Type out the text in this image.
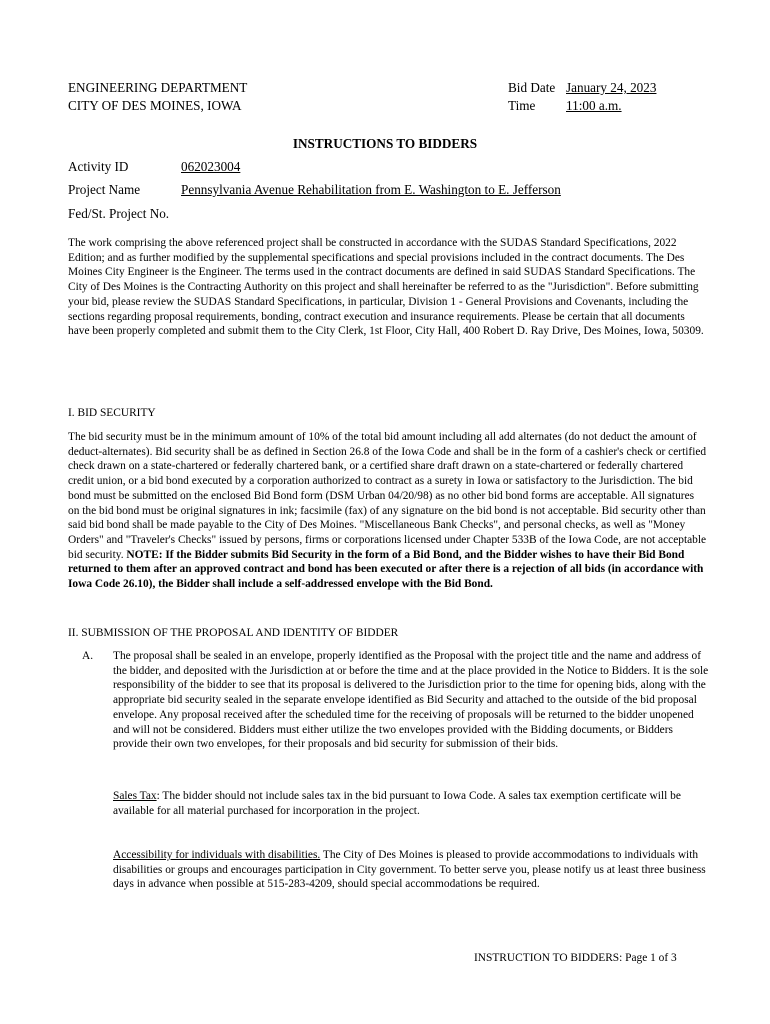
ENGINEERING DEPARTMENT
CITY OF DES MOINES, IOWA
Bid Date January 24, 2023
Time 11:00 a.m.
INSTRUCTIONS TO BIDDERS
Activity ID	062023004
Project Name	Pennsylvania Avenue Rehabilitation from E. Washington to E. Jefferson
Fed/St. Project No.
The work comprising the above referenced project shall be constructed in accordance with the SUDAS Standard Specifications, 2022 Edition; and as further modified by the supplemental specifications and special provisions included in the contract documents. The Des Moines City Engineer is the Engineer. The terms used in the contract documents are defined in said SUDAS Standard Specifications. The City of Des Moines is the Contracting Authority on this project and shall hereinafter be referred to as the "Jurisdiction". Before submitting your bid, please review the SUDAS Standard Specifications, in particular, Division 1 - General Provisions and Covenants, including the sections regarding proposal requirements, bonding, contract execution and insurance requirements. Please be certain that all documents have been properly completed and submit them to the City Clerk, 1st Floor, City Hall, 400 Robert D. Ray Drive, Des Moines, Iowa, 50309.
I. BID SECURITY
The bid security must be in the minimum amount of 10% of the total bid amount including all add alternates (do not deduct the amount of deduct-alternates). Bid security shall be as defined in Section 26.8 of the Iowa Code and shall be in the form of a cashier's check or certified check drawn on a state-chartered or federally chartered bank, or a certified share draft drawn on a state-chartered or federally chartered credit union, or a bid bond executed by a corporation authorized to contract as a surety in Iowa or satisfactory to the Jurisdiction. The bid bond must be submitted on the enclosed Bid Bond form (DSM Urban 04/20/98) as no other bid bond forms are acceptable. All signatures on the bid bond must be original signatures in ink; facsimile (fax) of any signature on the bid bond is not acceptable. Bid security other than said bid bond shall be made payable to the City of Des Moines. "Miscellaneous Bank Checks", and personal checks, as well as "Money Orders" and "Traveler's Checks" issued by persons, firms or corporations licensed under Chapter 533B of the Iowa Code, are not acceptable bid security. NOTE: If the Bidder submits Bid Security in the form of a Bid Bond, and the Bidder wishes to have their Bid Bond returned to them after an approved contract and bond has been executed or after there is a rejection of all bids (in accordance with Iowa Code 26.10), the Bidder shall include a self-addressed envelope with the Bid Bond.
II. SUBMISSION OF THE PROPOSAL AND IDENTITY OF BIDDER
A. The proposal shall be sealed in an envelope, properly identified as the Proposal with the project title and the name and address of the bidder, and deposited with the Jurisdiction at or before the time and at the place provided in the Notice to Bidders. It is the sole responsibility of the bidder to see that its proposal is delivered to the Jurisdiction prior to the time for opening bids, along with the appropriate bid security sealed in the separate envelope identified as Bid Security and attached to the outside of the bid proposal envelope. Any proposal received after the scheduled time for the receiving of proposals will be returned to the bidder unopened and will not be considered. Bidders must either utilize the two envelopes provided with the Bidding documents, or Bidders provide their own two envelopes, for their proposals and bid security for submission of their bids.
Sales Tax: The bidder should not include sales tax in the bid pursuant to Iowa Code. A sales tax exemption certificate will be available for all material purchased for incorporation in the project.
Accessibility for individuals with disabilities. The City of Des Moines is pleased to provide accommodations to individuals with disabilities or groups and encourages participation in City government. To better serve you, please notify us at least three business days in advance when possible at 515-283-4209, should special accommodations be required.
INSTRUCTION TO BIDDERS: Page 1 of 3
